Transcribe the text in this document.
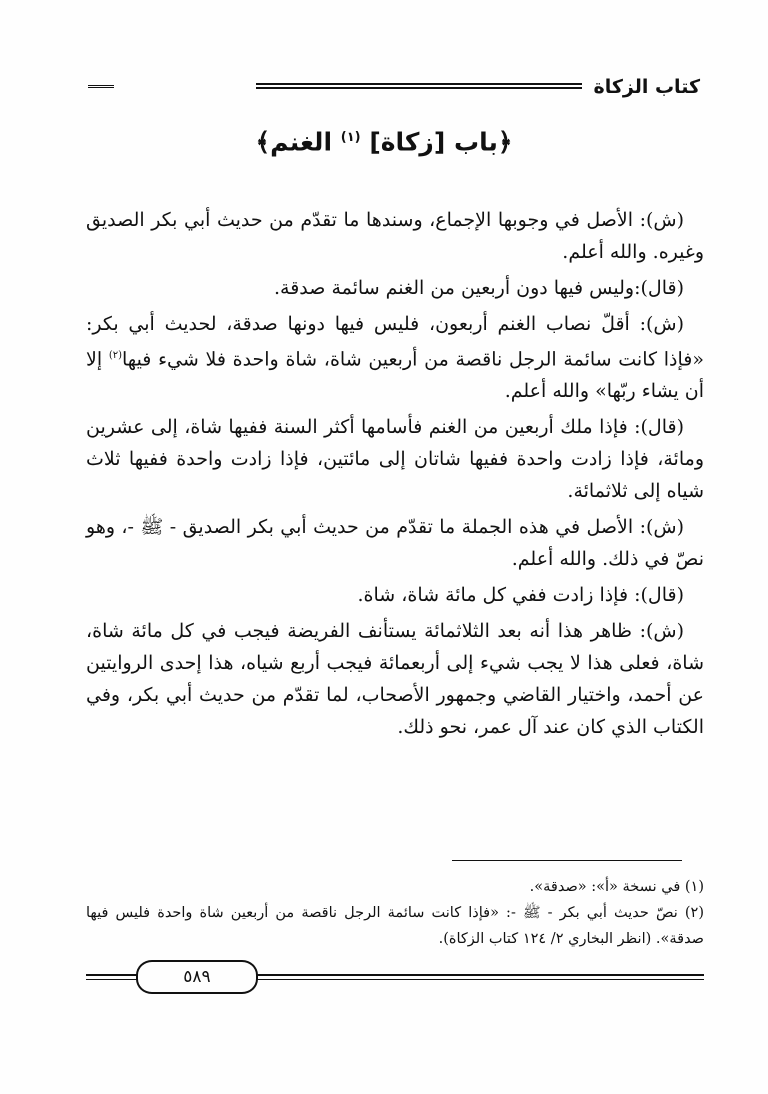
كتاب الزكاة
﴿باب [زكاة] $^{(١)}$ الغنم﴾

(ش): الأصل في وجوبها الإجماع، وسندها ما تقدّم من حديث أبي بكر الصديق وغيره. والله أعلم.

(قال):وليس فيها دون أربعين من الغنم سائمة صدقة.

(ش): أقلّ نصاب الغنم أربعون، فليس فيها دونها صدقة، لحديث أبي بكر: «فإذا كانت سائمة الرجل ناقصة من أربعين شاة، شاة واحدة فلا شيء فيها$^{(٢)}$ إلا أن يشاء ربّها» والله أعلم.

(قال): فإذا ملك أربعين من الغنم فأسامها أكثر السنة ففيها شاة، إلى عشرين ومائة، فإذا زادت واحدة ففيها شاتان إلى مائتين، فإذا زادت واحدة ففيها ثلاث شياه إلى ثلاثمائة.

(ش): الأصل في هذه الجملة ما تقدّم من حديث أبي بكر الصديق - ﷺ -، وهو نصّ في ذلك. والله أعلم.

(قال): فإذا زادت ففي كل مائة شاة، شاة.

(ش): ظاهر هذا أنه بعد الثلاثمائة يستأنف الفريضة فيجب في كل مائة شاة، شاة، فعلى هذا لا يجب شيء إلى أربعمائة فيجب أربع شياه، هذا إحدى الروايتين عن أحمد، واختيار القاضي وجمهور الأصحاب، لما تقدّم من حديث أبي بكر، وفي الكتاب الذي كان عند آل عمر، نحو ذلك.

(١) في نسخة «أ»: «صدقة».

(٢) نصّ حديث أبي بكر - ﷺ -: «فإذا كانت سائمة الرجل ناقصة من أربعين شاة واحدة فليس فيها صدقة». (انظر البخاري ٢/ ١٢٤ كتاب الزكاة).

٥٨٩
